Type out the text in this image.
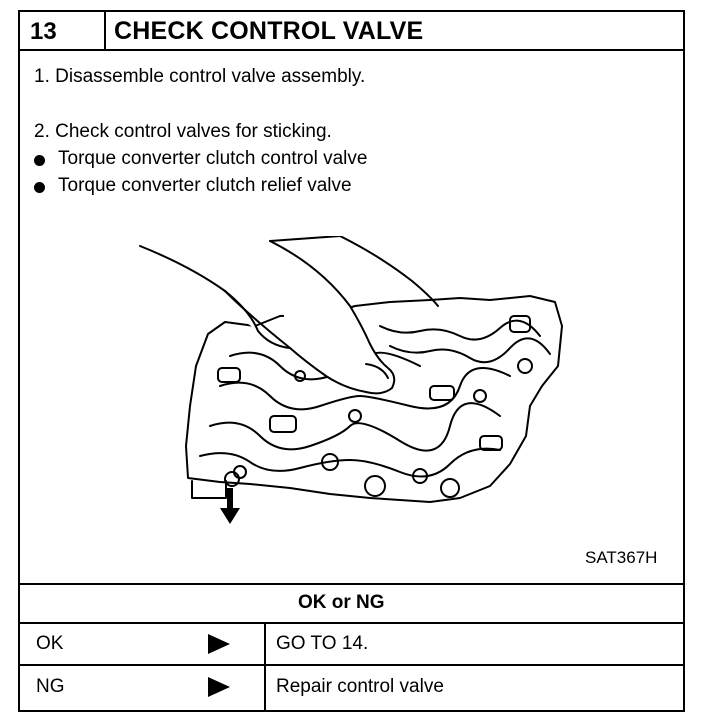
13 CHECK CONTROL VALVE
1. Disassemble control valve assembly.
2. Check control valves for sticking.
Torque converter clutch control valve
Torque converter clutch relief valve
SAT367H
OK or NG
OK	GO TO 14.
NG	Repair control valve
